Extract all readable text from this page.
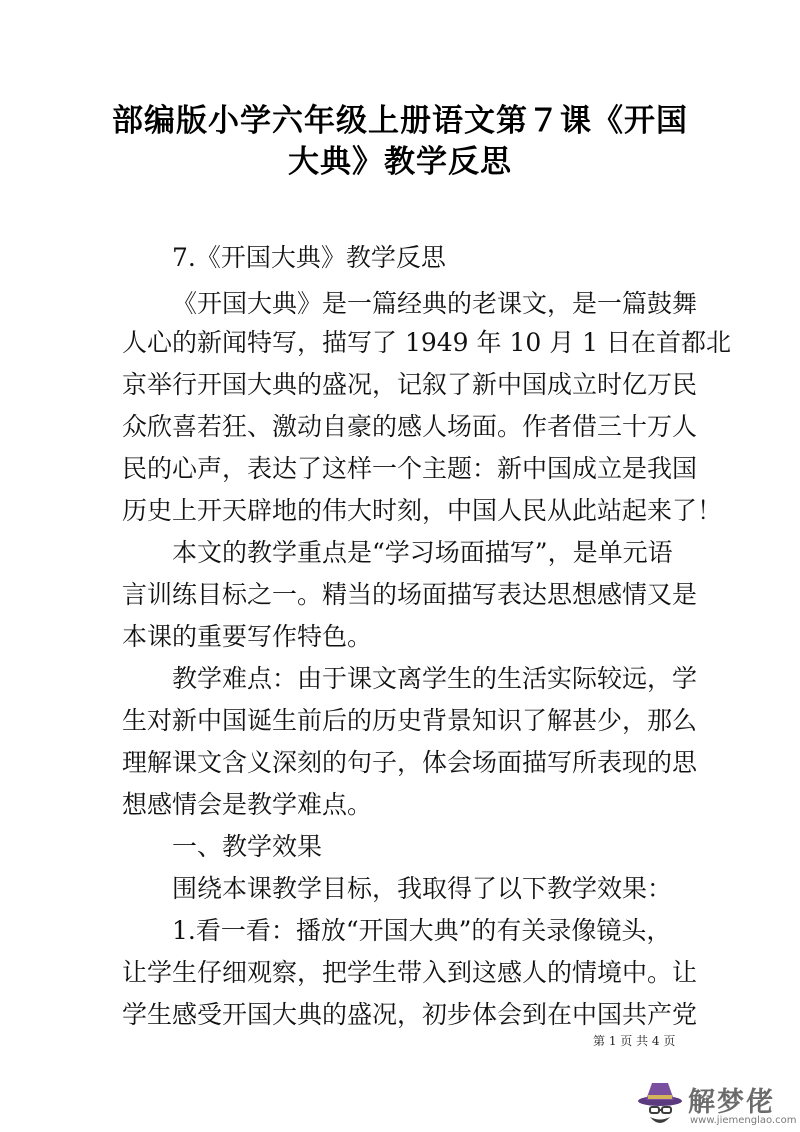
部编版小学六年级上册语文第７课《开国
大典》教学反思
7.《开国大典》教学反思
《开国大典》是一篇经典的老课文，是一篇鼓舞
人心的新闻特写，描写了 1949 年 10 月 1 日在首都北
京举行开国大典的盛况，记叙了新中国成立时亿万民
众欣喜若狂、激动自豪的感人场面。作者借三十万人
民的心声，表达了这样一个主题：新中国成立是我国
历史上开天辟地的伟大时刻，中国人民从此站起来了！
本文的教学重点是“学习场面描写”，是单元语
言训练目标之一。精当的场面描写表达思想感情又是
本课的重要写作特色。
教学难点：由于课文离学生的生活实际较远，学
生对新中国诞生前后的历史背景知识了解甚少，那么
理解课文含义深刻的句子，体会场面描写所表现的思
想感情会是教学难点。
一、教学效果
围绕本课教学目标，我取得了以下教学效果：
1.看一看：播放“开国大典”的有关录像镜头，
让学生仔细观察，把学生带入到这感人的情境中。让
学生感受开国大典的盛况，初步体会到在中国共产党
第 1 页 共 4 页
解梦佬
www.jiemenglao.com
